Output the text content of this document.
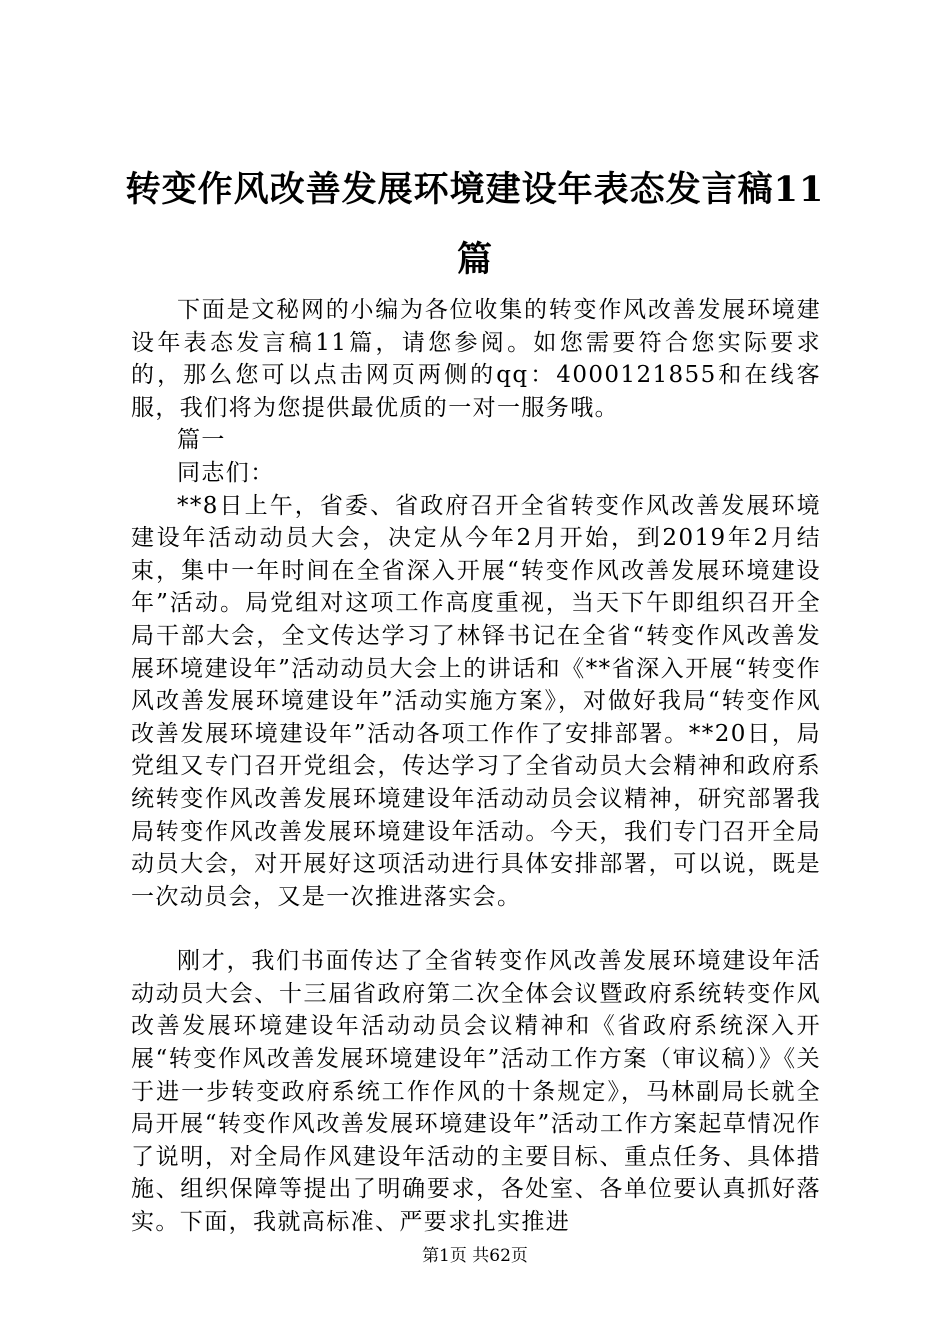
转变作风改善发展环境建设年表态发言稿11篇

下面是文秘网的小编为各位收集的转变作风改善发展环境建设年表态发言稿11篇，请您参阅。如您需要符合您实际要求的，那么您可以点击网页两侧的qq：4000121855和在线客服，我们将为您提供最优质的一对一服务哦。

篇一

同志们：

**8日上午，省委、省政府召开全省转变作风改善发展环境建设年活动动员大会，决定从今年2月开始，到2019年2月结束，集中一年时间在全省深入开展“转变作风改善发展环境建设年”活动。局党组对这项工作高度重视，当天下午即组织召开全局干部大会，全文传达学习了林铎书记在全省“转变作风改善发展环境建设年”活动动员大会上的讲话和《**省深入开展“转变作风改善发展环境建设年”活动实施方案》，对做好我局“转变作风改善发展环境建设年”活动各项工作作了安排部署。**20日，局党组又专门召开党组会，传达学习了全省动员大会精神和政府系统转变作风改善发展环境建设年活动动员会议精神，研究部署我局转变作风改善发展环境建设年活动。今天，我们专门召开全局动员大会，对开展好这项活动进行具体安排部署，可以说，既是一次动员会，又是一次推进落实会。

刚才，我们书面传达了全省转变作风改善发展环境建设年活动动员大会、十三届省政府第二次全体会议暨政府系统转变作风改善发展环境建设年活动动员会议精神和《省政府系统深入开展“转变作风改善发展环境建设年”活动工作方案（审议稿）》《关于进一步转变政府系统工作作风的十条规定》，马林副局长就全局开展“转变作风改善发展环境建设年”活动工作方案起草情况作了说明，对全局作风建设年活动的主要目标、重点任务、具体措施、组织保障等提出了明确要求，各处室、各单位要认真抓好落实。下面，我就高标准、严要求扎实推进

第1页 共62页
